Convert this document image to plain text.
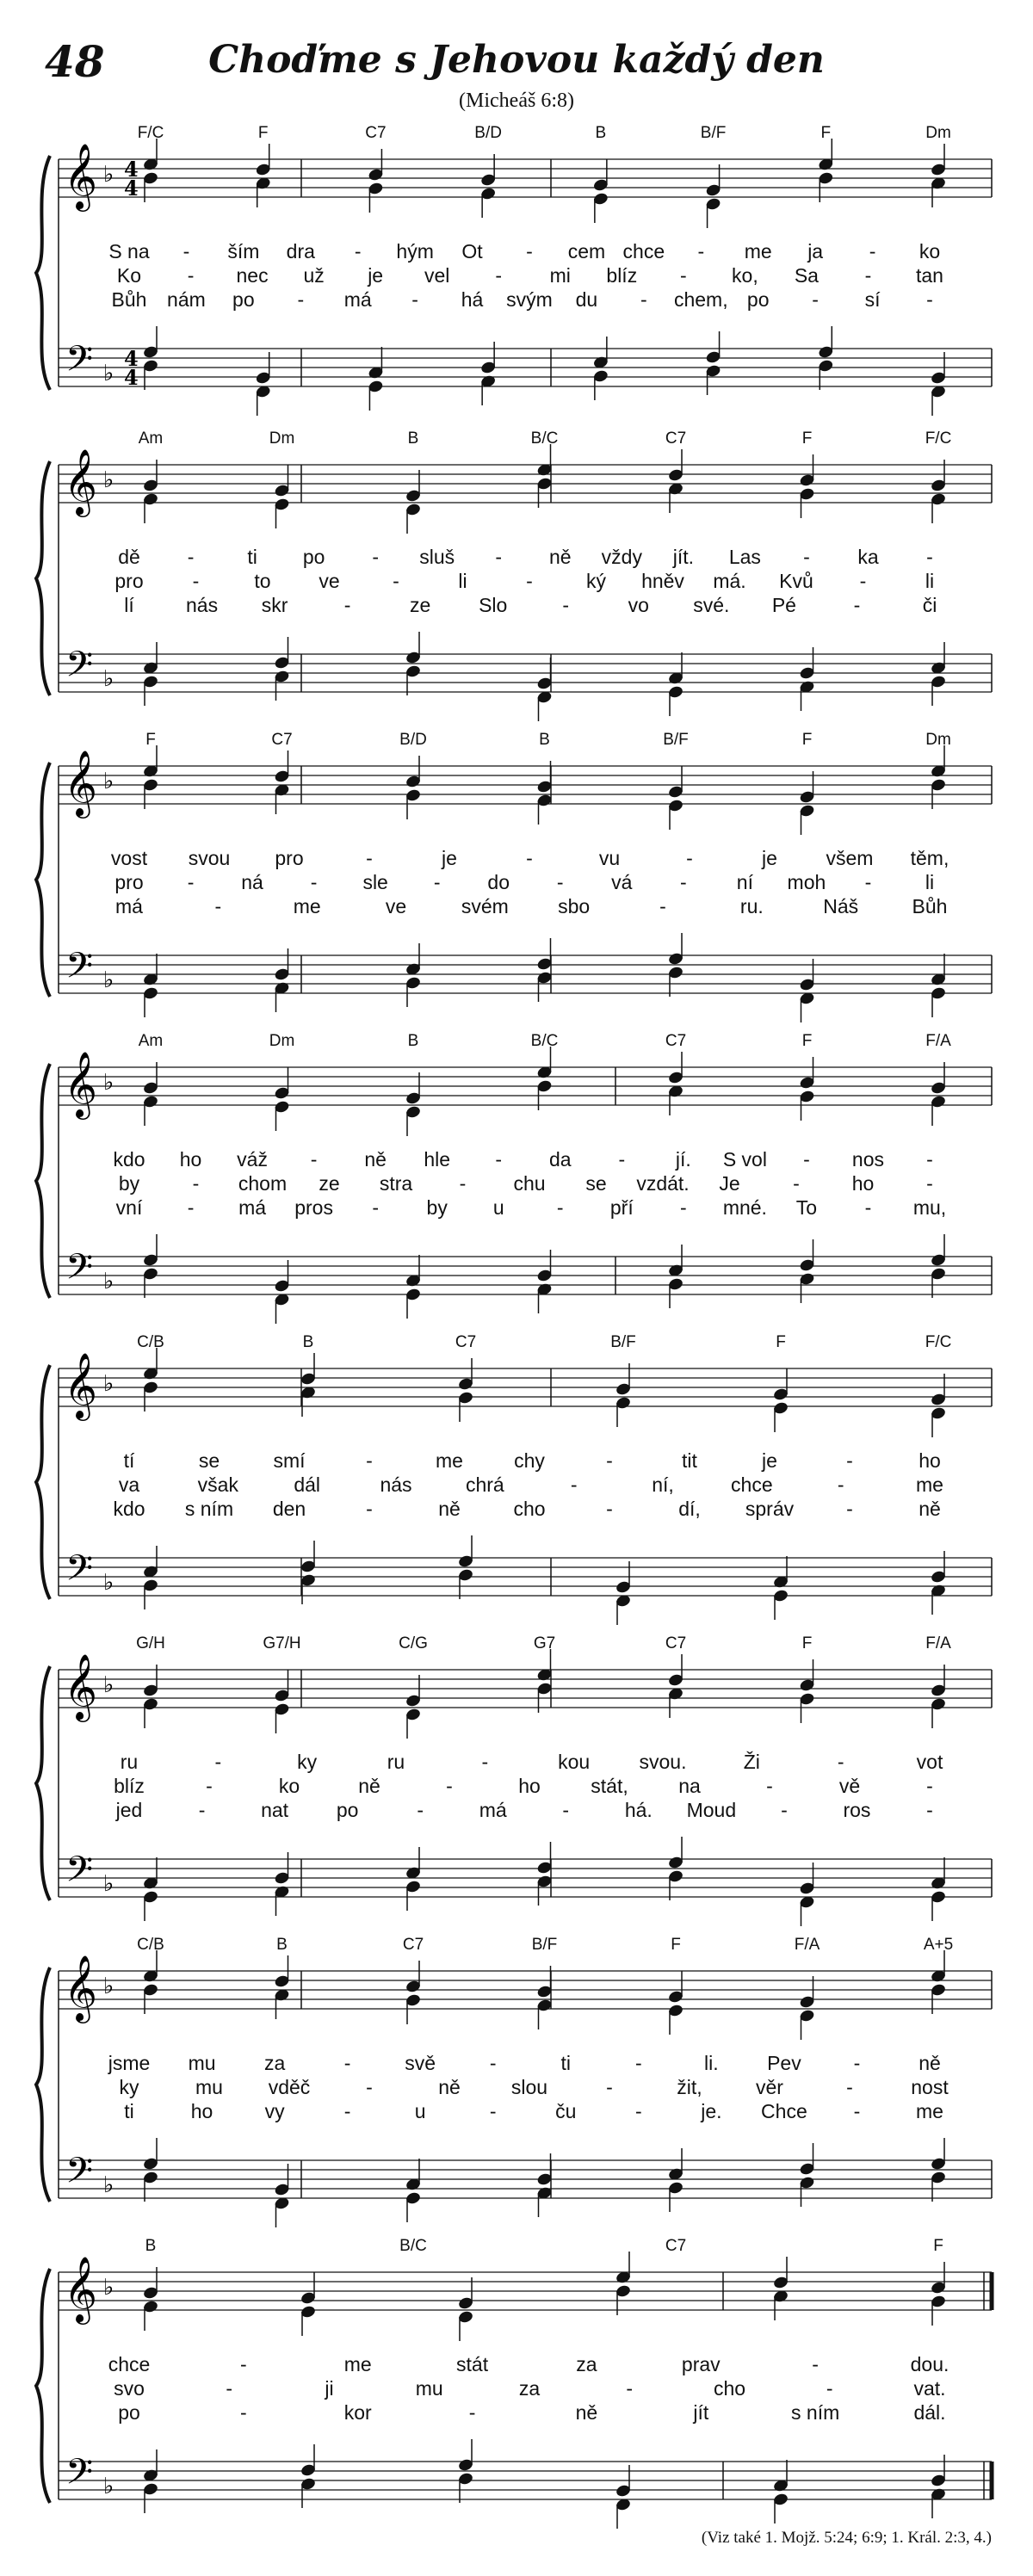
48	Choďme s Jehovou každý den
(Micheáš 6:8)
𝄞
𝄢
♭
♭
4
4
4
4
F/C	F	C7	B/D	B	B/F	F	Dm
S na - ším dra - hým Ot - cem chce - me ja - ko
Ko - nec už je vel - mi blíz - ko, Sa - tan
Bůh nám po - má - há svým du - chem, po - sí -
𝄞
𝄢
♭
♭
Am	Dm	B	B/C	C7	F	F/C
dě -	ti po - sluš - ně vždy jít. Las - ka -
pro -	to ve	-	li	-	ký hněv má. Kvů -	li
lí	nás skr	-	ze Slo	-	vo své. Pé	-	či
𝄞
𝄢
♭
♭
F	C7	B/D	B	B/F	F	Dm
vost svou pro	-	je	-	vu	-	je všem těm,
pro - ná - sle - do - vá -	ní moh -	li
má	-	me	ve	svém sbo	-	ru.	Náš	Bůh
𝄞
𝄢
♭
♭
Am	Dm	B	B/C	C7	F	F/A
kdo ho váž - ně hle - da -	jí. S vol - nos -
by	- chom ze stra - chu se vzdát. Je	-	ho	-
vní - má pros - by u	- pří - mné. To - mu,
𝄞
𝄢
♭
♭
C/B	B	C7	B/F	F	F/C
tí	se	smí	-	me	chy	-	tit	je	-	ho
va	však	dál	nás	chrá	-	ní,	chce	-	me
kdo s ním den	-	ně	cho	-	dí, správ	-	ně
𝄞
𝄢
♭
♭
G/H	G7/H	C/G	G7	C7	F	F/A
ru	-	ky	ru	-	kou svou.	Ži	-	vot
blíz	-	ko	ně	-	ho	stát,	na	-	vě	-
jed	-	nat po	-	má	-	há. Moud -	ros	-
𝄞
𝄢
♭
♭
C/B	B	C7	B/F	F	F/A	A+5
jsme mu za	-	svě	-	ti	-	li. Pev	-	ně
ky	mu vděč	-	ně	slou	-	žit,	věr	-	nost
ti	ho	vy	-	u	-	ču	-	je. Chce -	me
𝄞
𝄢
♭
♭
B	B/C	C7	F
chce	-	me	stát	za	prav	-	dou.
svo	-	ji	mu	za	-	cho	-	vat.
po	-	kor	-	ně	jít	s ním	dál.
(Viz také 1. Mojž. 5:24; 6:9; 1. Král. 2:3, 4.)
